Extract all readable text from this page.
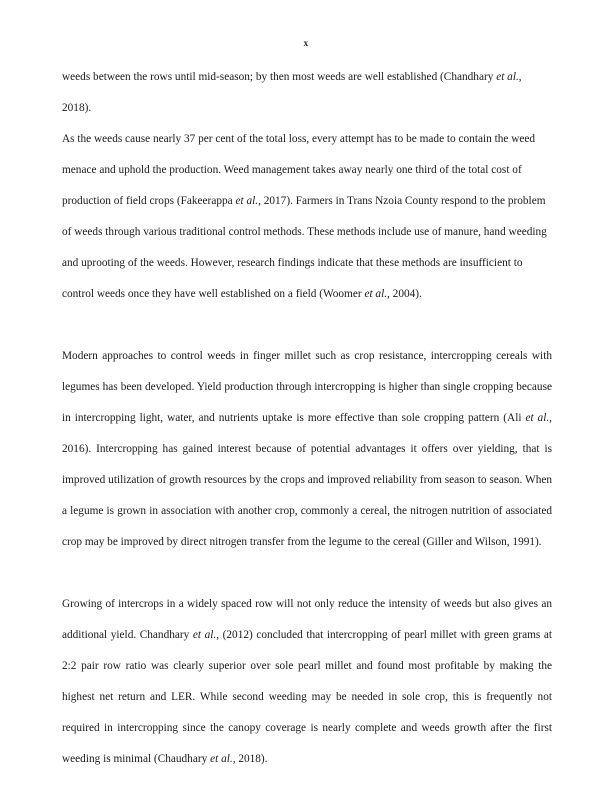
x

weeds between the rows until mid-season; by then most weeds are well established (Chandhary et al., 2018).

As the weeds cause nearly 37 per cent of the total loss, every attempt has to be made to contain the weed menace and uphold the production. Weed management takes away nearly one third of the total cost of production of field crops (Fakeerappa et al., 2017). Farmers in Trans Nzoia County respond to the problem of weeds through various traditional control methods. These methods include use of manure, hand weeding and uprooting of the weeds. However, research findings indicate that these methods are insufficient to control weeds once they have well established on a field (Woomer et al., 2004).

Modern approaches to control weeds in finger millet such as crop resistance, intercropping cereals with legumes has been developed. Yield production through intercropping is higher than single cropping because in intercropping light, water, and nutrients uptake is more effective than sole cropping pattern (Ali et al., 2016). Intercropping has gained interest because of potential advantages it offers over yielding, that is improved utilization of growth resources by the crops and improved reliability from season to season. When a legume is grown in association with another crop, commonly a cereal, the nitrogen nutrition of associated crop may be improved by direct nitrogen transfer from the legume to the cereal (Giller and Wilson, 1991).

Growing of intercrops in a widely spaced row will not only reduce the intensity of weeds but also gives an additional yield. Chandhary et al., (2012) concluded that intercropping of pearl millet with green grams at 2:2 pair row ratio was clearly superior over sole pearl millet and found most profitable by making the highest net return and LER. While second weeding may be needed in sole crop, this is frequently not required in intercropping since the canopy coverage is nearly complete and weeds growth after the first weeding is minimal (Chaudhary et al., 2018).
